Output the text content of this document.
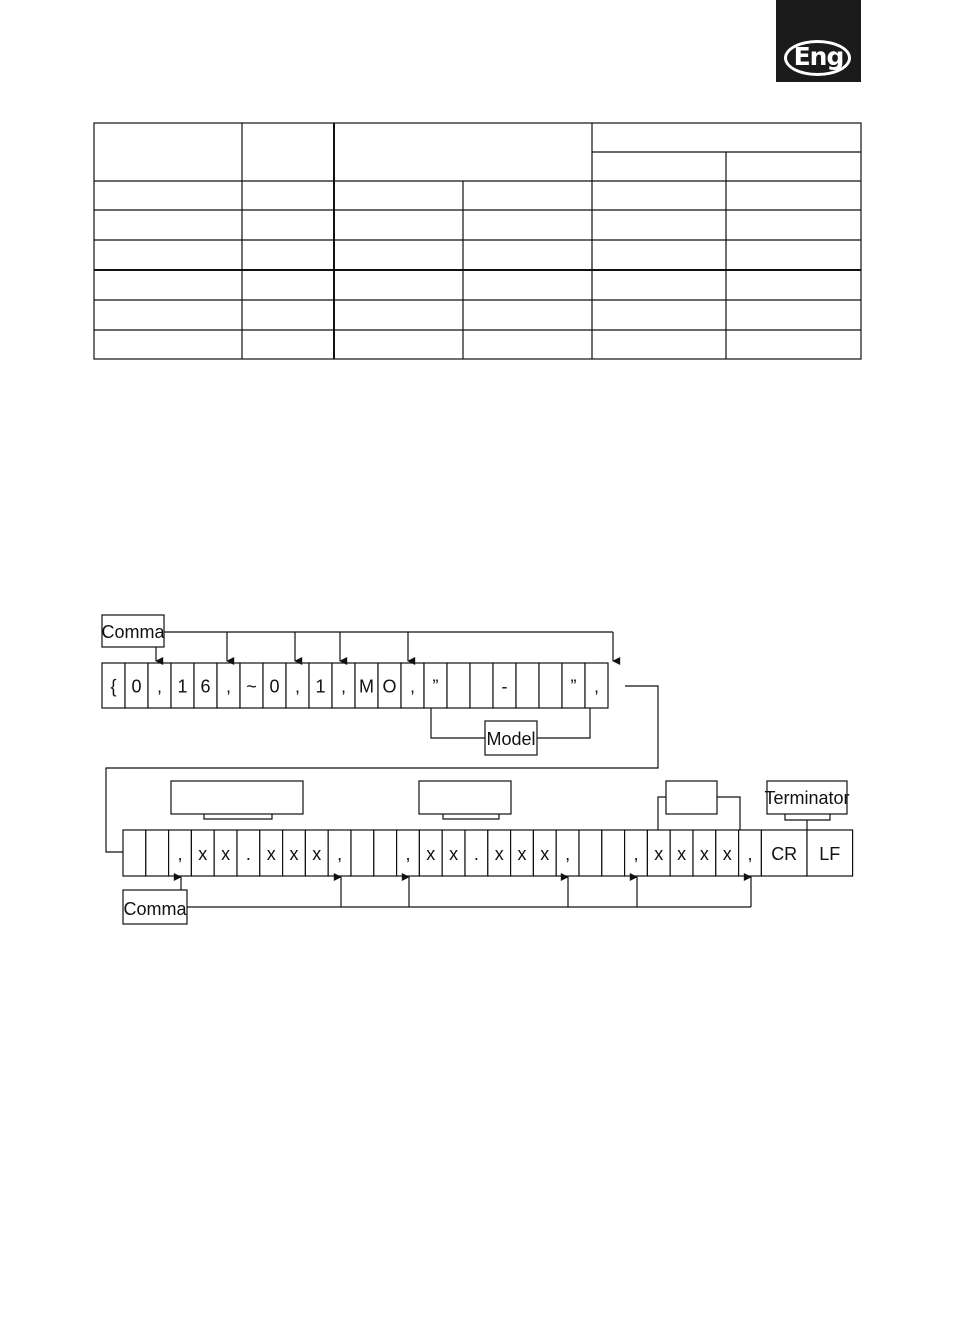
Eng
{ 0 , 1 6 , ~ 0 , 1 , M O , ”	-	” ,
, x x . x x x ,	, x x . x x x ,	, x x x x , CR LF
Comma
Model
Terminator
Comma
